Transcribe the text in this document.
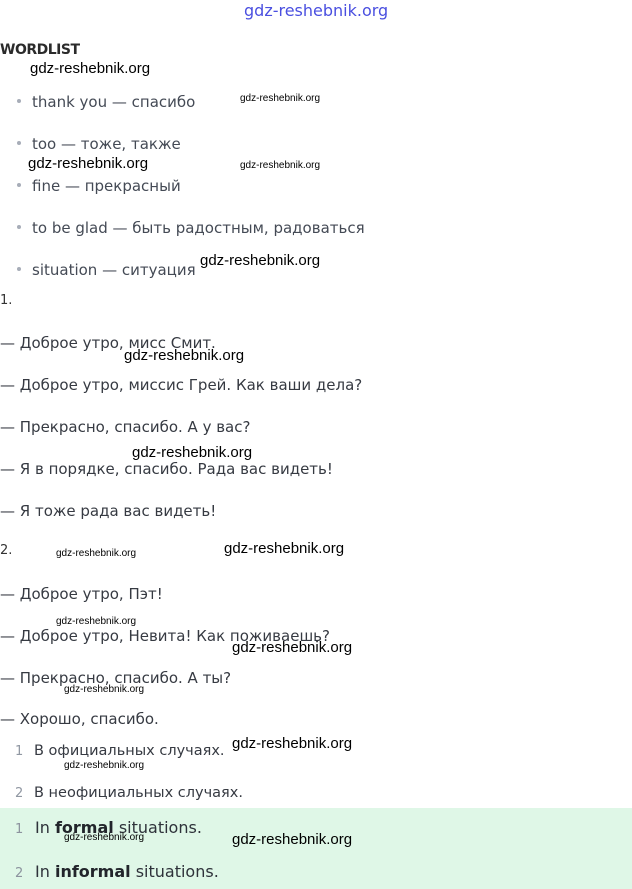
gdz-reshebnik.org
WORDLIST
thank you — спасибо
too — тоже, также
fine — прекрасный
to be glad — быть радостным, радоваться
situation — ситуация
1.
— Доброе утро, мисс Смит.
— Доброе утро, миссис Грей. Как ваши дела?
— Прекрасно, спасибо. А у вас?
— Я в порядке, спасибо. Рада вас видеть!
— Я тоже рада вас видеть!
2.
— Доброе утро, Пэт!
— Доброе утро, Невита! Как поживаешь?
— Прекрасно, спасибо. А ты?
— Хорошо, спасибо.
1 В официальных случаях.
2 В неофициальных случаях.
1 In formal situations.
2 In informal situations.
gdz-reshebnik.org
gdz-reshebnik.org
gdz-reshebnik.org	gdz-reshebnik.org
gdz-reshebnik.org
gdz-reshebnik.org
gdz-reshebnik.org
gdz-reshebnik.org	gdz-reshebnik.org
gdz-reshebnik.org
gdz-reshebnik.org
gdz-reshebnik.org
gdz-reshebnik.org
gdz-reshebnik.org
gdz-reshebnik.org	gdz-reshebnik.org
